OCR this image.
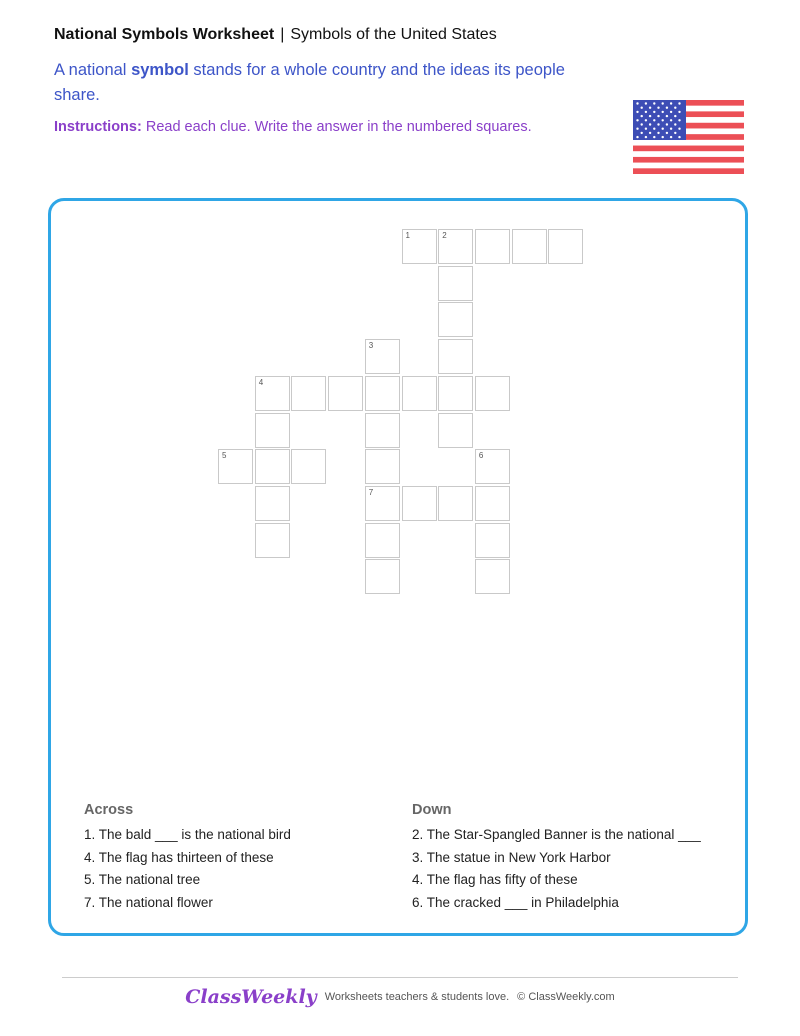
National Symbols Worksheet | Symbols of the United States
A national symbol stands for a whole country and the ideas its people share.
Instructions: Read each clue. Write the answer in the numbered squares.
1	2
3
4
5	6
7
Across
1. The bald ___ is the national bird
4. The flag has thirteen of these
5. The national tree
7. The national flower
Down
2. The Star-Spangled Banner is the national ___
3. The statue in New York Harbor
4. The flag has fifty of these
6. The cracked ___ in Philadelphia
ClassWeekly Worksheets teachers & students love. © ClassWeekly.com
